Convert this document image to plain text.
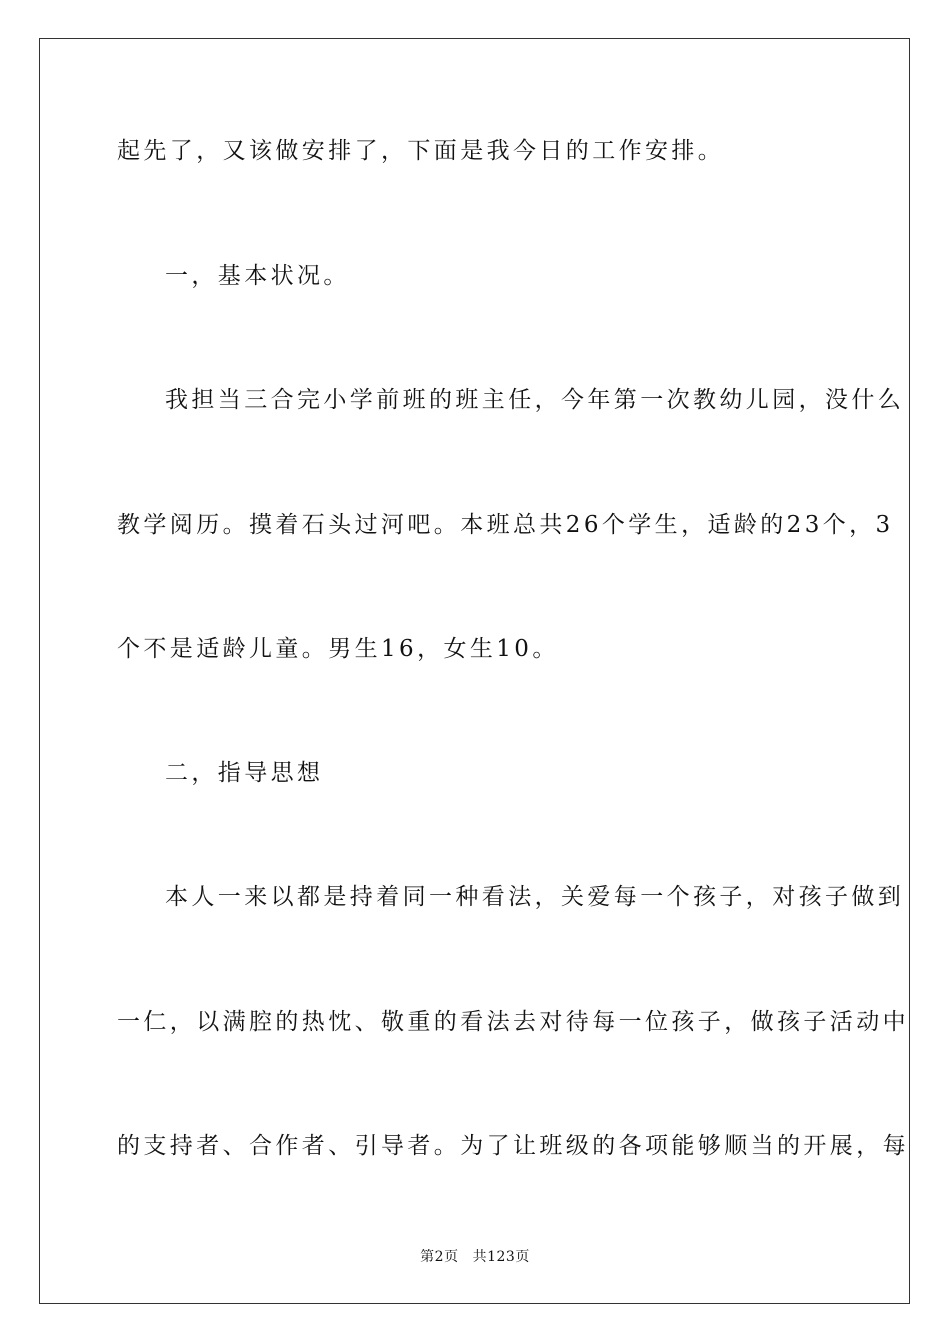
起先了，又该做安排了，下面是我今日的工作安排。
一，基本状况。
我担当三合完小学前班的班主任，今年第一次教幼儿园，没什么
教学阅历。摸着石头过河吧。本班总共26个学生，适龄的23个，3
个不是适龄儿童。男生16，女生10。
二，指导思想
本人一来以都是持着同一种看法，关爱每一个孩子，对孩子做到
一仁，以满腔的热忱、敬重的看法去对待每一位孩子，做孩子活动中
的支持者、合作者、引导者。为了让班级的各项能够顺当的开展，每
第2页 共123页
